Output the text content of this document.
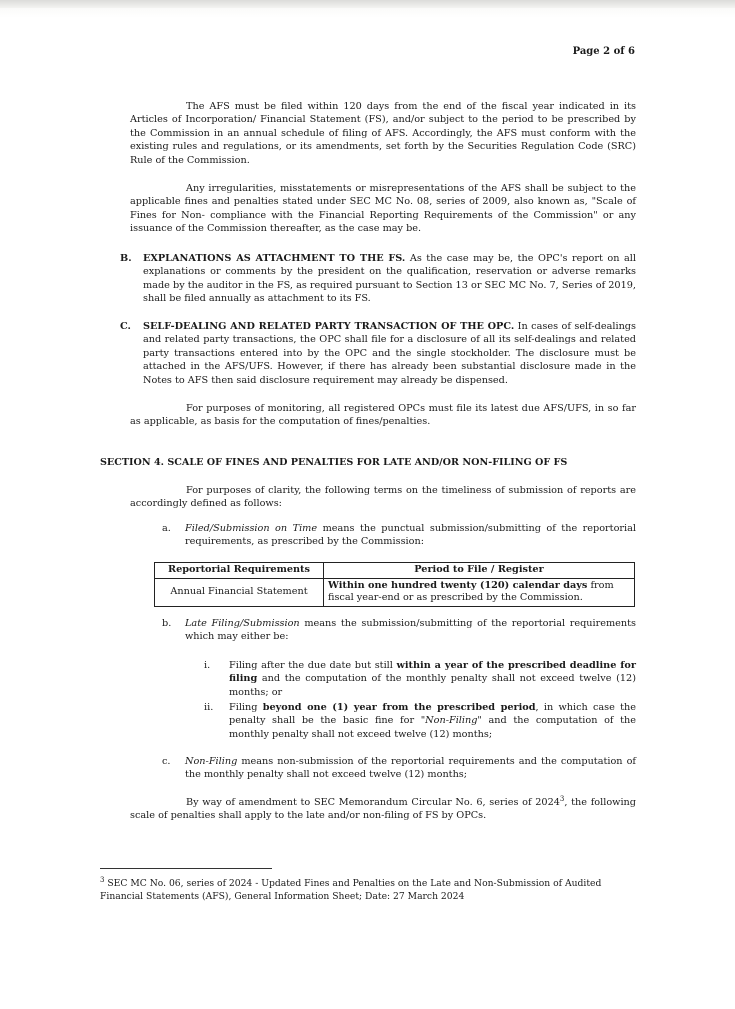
Page 2 of 6

The AFS must be filed within 120 days from the end of the fiscal year indicated in its Articles of Incorporation/ Financial Statement (FS), and/or subject to the period to be prescribed by the Commission in an annual schedule of filing of AFS. Accordingly, the AFS must conform with the existing rules and regulations, or its amendments, set forth by the Securities Regulation Code (SRC) Rule of the Commission.

Any irregularities, misstatements or misrepresentations of the AFS shall be subject to the applicable fines and penalties stated under SEC MC No. 08, series of 2009, also known as, "Scale of Fines for Non- compliance with the Financial Reporting Requirements of the Commission" or any issuance of the Commission thereafter, as the case may be.

B. EXPLANATIONS AS ATTACHMENT TO THE FS. As the case may be, the OPC's report on all explanations or comments by the president on the qualification, reservation or adverse remarks made by the auditor in the FS, as required pursuant to Section 13 or SEC MC No. 7, Series of 2019, shall be filed annually as attachment to its FS.
C. SELF-DEALING AND RELATED PARTY TRANSACTION OF THE OPC. In cases of self-dealings and related party transactions, the OPC shall file for a disclosure of all its self-dealings and related party transactions entered into by the OPC and the single stockholder. The disclosure must be attached in the AFS/UFS. However, if there has already been substantial disclosure made in the Notes to AFS then said disclosure requirement may already be dispensed.

For purposes of monitoring, all registered OPCs must file its latest due AFS/UFS, in so far as applicable, as basis for the computation of fines/penalties.

SECTION 4. SCALE OF FINES AND PENALTIES FOR LATE AND/OR NON-FILING OF FS

For purposes of clarity, the following terms on the timeliness of submission of reports are accordingly defined as follows:

a. Filed/Submission on Time means the punctual submission/submitting of the reportorial requirements, as prescribed by the Commission:
Reportorial Requirements	Period to File / Register
Annual Financial Statement	Within one hundred twenty (120) calendar days from fiscal year-end or as prescribed by the Commission.
b. Late Filing/Submission means the submission/submitting of the reportorial requirements which may either be:
i. Filing after the due date but still within a year of the prescribed deadline for filing and the computation of the monthly penalty shall not exceed twelve (12) months; or
ii. Filing beyond one (1) year from the prescribed period, in which case the penalty shall be the basic fine for "Non-Filing" and the computation of the monthly penalty shall not exceed twelve (12) months;
c. Non-Filing means non-submission of the reportorial requirements and the computation of the monthly penalty shall not exceed twelve (12) months;

By way of amendment to SEC Memorandum Circular No. 6, series of 2024$^3$, the following scale of penalties shall apply to the late and/or non-filing of FS by OPCs.

$^3$ SEC MC No. 06, series of 2024 - Updated Fines and Penalties on the Late and Non-Submission of Audited Financial Statements (AFS), General Information Sheet; Date: 27 March 2024
